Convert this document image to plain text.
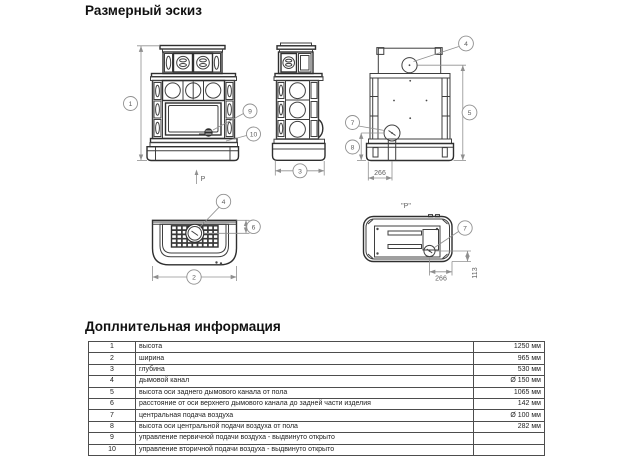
Размерный эскиз
1
9
10
P
3
4
5
7
8
266
4
6
2
"P"
7
266
113
Доплнительная информация
1	высота	1250 мм
2	ширина	965 мм
3	глубина	530 мм
4	дымовой канал	Ø 150 мм
5	высота оси заднего дымового канала от пола	1065 мм
6	расстояние от оси верхнего дымового канала до задней части изделия	142 мм
7	центральная подача воздуха	Ø 100 мм
8	высота оси центральной подачи воздуха от пола	282 мм
9	управление первичной подачи воздуха - выдвинуто открыто	
10	управление вторичной подачи воздуха - выдвинуто открыто	
